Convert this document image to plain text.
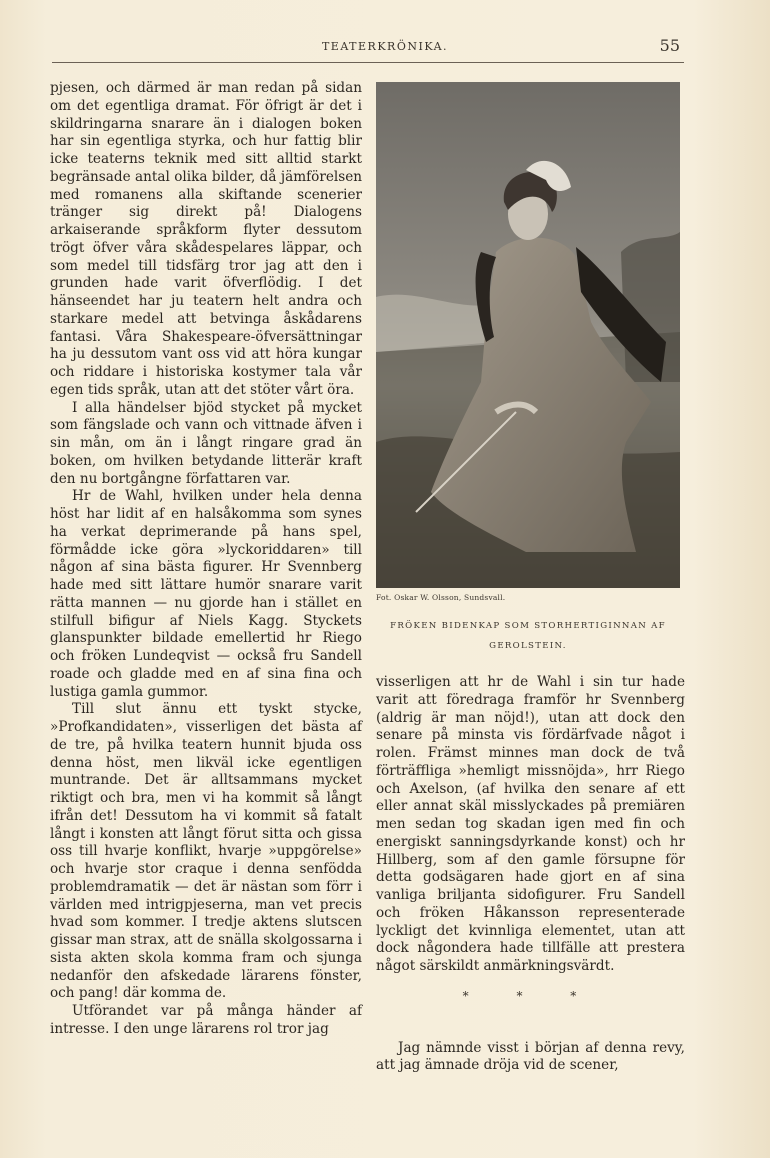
TEATERKRÖNIKA.	55

pjesen, och därmed är man redan på sidan om det egentliga dramat. För öfrigt är det i skildringarna snarare än i dialogen boken har sin egentliga styrka, och hur fattig blir icke teaterns teknik med sitt alltid starkt begränsade antal olika bilder, då jämförelsen med romanens alla skiftande scenerier tränger sig direkt på! Dialogens arkaiserande språkform flyter dessutom trögt öfver våra skådespelares läppar, och som medel till tidsfärg tror jag att den i grunden hade varit öfverflödig. I det hänseendet har ju teatern helt andra och starkare medel att betvinga åskådarens fantasi. Våra Shakespeare-öfversättningar ha ju dessutom vant oss vid att höra kungar och riddare i historiska kostymer tala vår egen tids språk, utan att det stöter vårt öra.

I alla händelser bjöd stycket på mycket som fängslade och vann och vittnade äfven i sin mån, om än i långt ringare grad än boken, om hvilken betydande litterär kraft den nu bortgångne författaren var.

Hr de Wahl, hvilken under hela denna höst har lidit af en halsåkomma som synes ha verkat deprimerande på hans spel, förmådde icke göra »lyckoriddaren» till någon af sina bästa figurer. Hr Svennberg hade med sitt lättare humör snarare varit rätta mannen — nu gjorde han i stället en stilfull bifigur af Niels Kagg. Styckets glanspunkter bildade emellertid hr Riego och fröken Lundeqvist — också fru Sandell roade och gladde med en af sina fina och lustiga gamla gummor.

Till slut ännu ett tyskt stycke, »Profkandidaten», visserligen det bästa af de tre, på hvilka teatern hunnit bjuda oss denna höst, men likväl icke egentligen muntrande. Det är alltsammans mycket riktigt och bra, men vi ha kommit så långt ifrån det! Dessutom ha vi kommit så fatalt långt i konsten att långt förut sitta och gissa oss till hvarje konflikt, hvarje »uppgörelse» och hvarje stor craque i denna senfödda problemdramatik — det är nästan som förr i världen med intrigpjeserna, man vet precis hvad som kommer. I tredje aktens slutscen gissar man strax, att de snälla skolgossarna i sista akten skola komma fram och sjunga nedanför den afskedade lärarens fönster, och pang! där komma de.

Utförandet var på många händer af intresse. I den unge lärarens rol tror jag

Fot. Oskar W. Olsson, Sundsvall.
FRÖKEN BIDENKAP SOM STORHERTIGINNAN AF GEROLSTEIN.

visserligen att hr de Wahl i sin tur hade varit att föredraga framför hr Svennberg (aldrig är man nöjd!), utan att dock den senare på minsta vis fördärfvade något i rolen. Främst minnes man dock de två förträffliga »hemligt missnöjda», hrr Riego och Axelson, (af hvilka den senare af ett eller annat skäl misslyckades på premiären men sedan tog skadan igen med fin och energiskt sanningsdyrkande konst) och hr Hillberg, som af den gamle försupne för detta godsägaren hade gjort en af sina vanliga briljanta sidofigurer. Fru Sandell och fröken Håkansson representerade lyckligt det kvinnliga elementet, utan att dock någondera hade tillfälle att prestera något särskildt anmärkningsvärdt.

* * *

Jag nämnde visst i början af denna revy, att jag ämnade dröja vid de scener,
